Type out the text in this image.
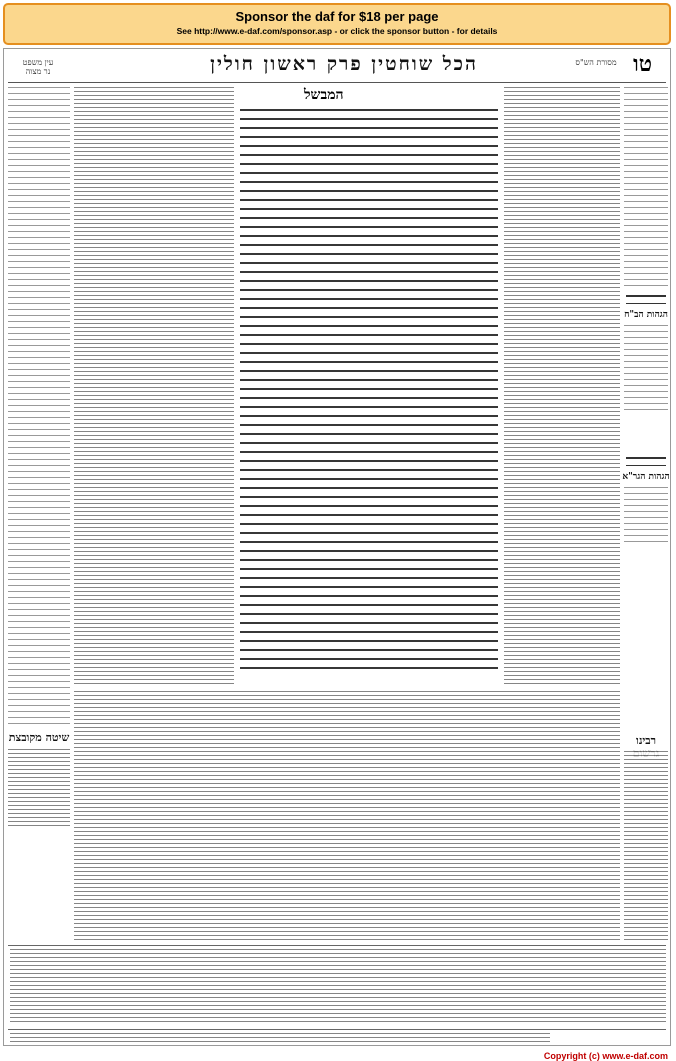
Sponsor the daf for $18 per page
See http://www.e-daf.com/sponsor.asp - or click the sponsor button - for details
עין משפט
נר מצוה	הכל שוחטין פרק ראשון חולין	טו
מסורת הש"ס
שיטה מקובצת
המבשל
הגהות הב"ח
הגהות הגר"א
רבינו
Copyright (c) www.e-daf.com
